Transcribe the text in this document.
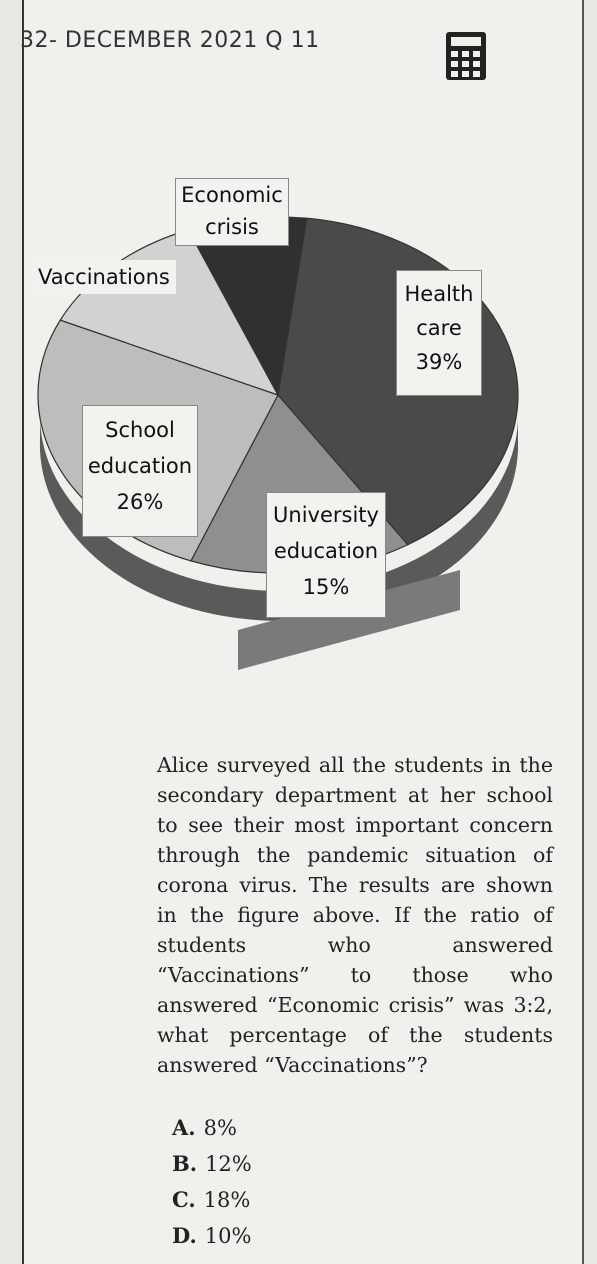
32- DECEMBER 2021 Q 11
Economic
crisis
Vaccinations
Health
care
39%
School
education
26%
University
education
15%
Alice surveyed all the students in the secondary department at her school to see their most important concern through the pandemic situation of corona virus. The results are shown in the figure above. If the ratio of students who answered “Vaccinations” to those who answered “Economic crisis” was 3:2, what percentage of the students answered “Vaccinations”?
A. 8%
B. 12%
C. 18%
D. 10%
